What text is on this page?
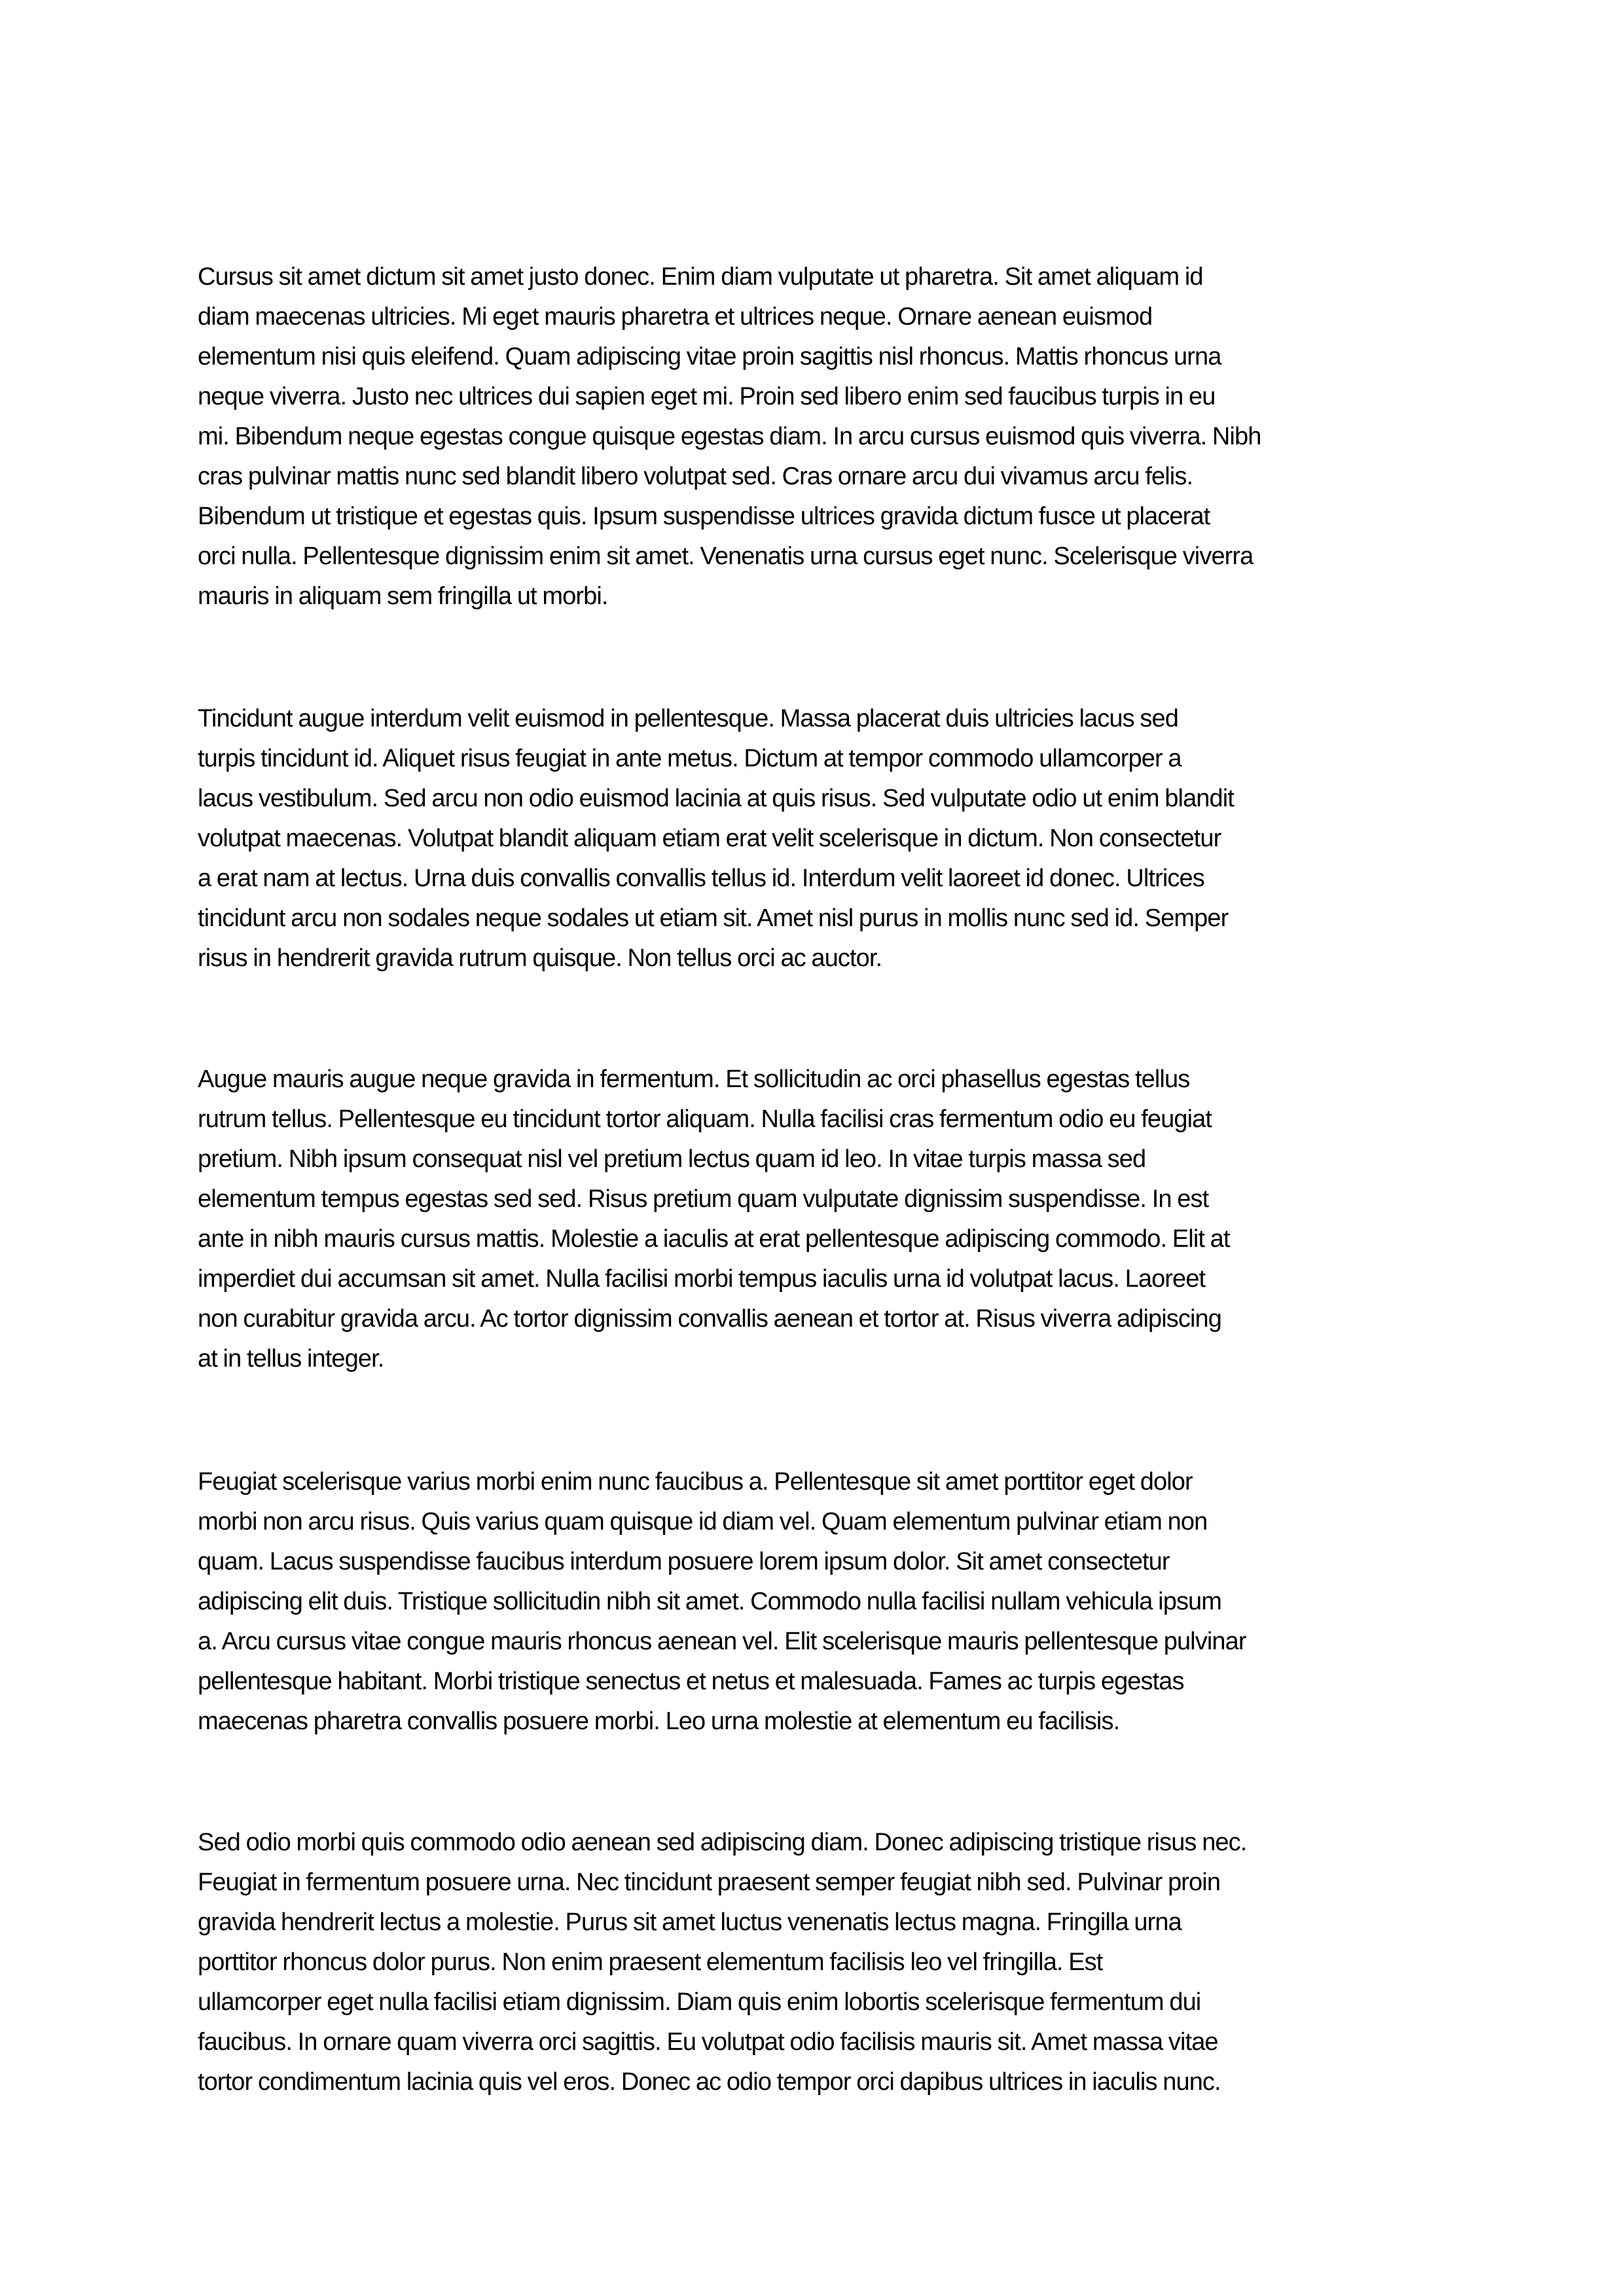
Cursus sit amet dictum sit amet justo donec. Enim diam vulputate ut pharetra. Sit amet aliquam id
diam maecenas ultricies. Mi eget mauris pharetra et ultrices neque. Ornare aenean euismod
elementum nisi quis eleifend. Quam adipiscing vitae proin sagittis nisl rhoncus. Mattis rhoncus urna
neque viverra. Justo nec ultrices dui sapien eget mi. Proin sed libero enim sed faucibus turpis in eu
mi. Bibendum neque egestas congue quisque egestas diam. In arcu cursus euismod quis viverra. Nibh
cras pulvinar mattis nunc sed blandit libero volutpat sed. Cras ornare arcu dui vivamus arcu felis.
Bibendum ut tristique et egestas quis. Ipsum suspendisse ultrices gravida dictum fusce ut placerat
orci nulla. Pellentesque dignissim enim sit amet. Venenatis urna cursus eget nunc. Scelerisque viverra
mauris in aliquam sem fringilla ut morbi.
Tincidunt augue interdum velit euismod in pellentesque. Massa placerat duis ultricies lacus sed
turpis tincidunt id. Aliquet risus feugiat in ante metus. Dictum at tempor commodo ullamcorper a
lacus vestibulum. Sed arcu non odio euismod lacinia at quis risus. Sed vulputate odio ut enim blandit
volutpat maecenas. Volutpat blandit aliquam etiam erat velit scelerisque in dictum. Non consectetur
a erat nam at lectus. Urna duis convallis convallis tellus id. Interdum velit laoreet id donec. Ultrices
tincidunt arcu non sodales neque sodales ut etiam sit. Amet nisl purus in mollis nunc sed id. Semper
risus in hendrerit gravida rutrum quisque. Non tellus orci ac auctor.
Augue mauris augue neque gravida in fermentum. Et sollicitudin ac orci phasellus egestas tellus
rutrum tellus. Pellentesque eu tincidunt tortor aliquam. Nulla facilisi cras fermentum odio eu feugiat
pretium. Nibh ipsum consequat nisl vel pretium lectus quam id leo. In vitae turpis massa sed
elementum tempus egestas sed sed. Risus pretium quam vulputate dignissim suspendisse. In est
ante in nibh mauris cursus mattis. Molestie a iaculis at erat pellentesque adipiscing commodo. Elit at
imperdiet dui accumsan sit amet. Nulla facilisi morbi tempus iaculis urna id volutpat lacus. Laoreet
non curabitur gravida arcu. Ac tortor dignissim convallis aenean et tortor at. Risus viverra adipiscing
at in tellus integer.
Feugiat scelerisque varius morbi enim nunc faucibus a. Pellentesque sit amet porttitor eget dolor
morbi non arcu risus. Quis varius quam quisque id diam vel. Quam elementum pulvinar etiam non
quam. Lacus suspendisse faucibus interdum posuere lorem ipsum dolor. Sit amet consectetur
adipiscing elit duis. Tristique sollicitudin nibh sit amet. Commodo nulla facilisi nullam vehicula ipsum
a. Arcu cursus vitae congue mauris rhoncus aenean vel. Elit scelerisque mauris pellentesque pulvinar
pellentesque habitant. Morbi tristique senectus et netus et malesuada. Fames ac turpis egestas
maecenas pharetra convallis posuere morbi. Leo urna molestie at elementum eu facilisis.
Sed odio morbi quis commodo odio aenean sed adipiscing diam. Donec adipiscing tristique risus nec.
Feugiat in fermentum posuere urna. Nec tincidunt praesent semper feugiat nibh sed. Pulvinar proin
gravida hendrerit lectus a molestie. Purus sit amet luctus venenatis lectus magna. Fringilla urna
porttitor rhoncus dolor purus. Non enim praesent elementum facilisis leo vel fringilla. Est
ullamcorper eget nulla facilisi etiam dignissim. Diam quis enim lobortis scelerisque fermentum dui
faucibus. In ornare quam viverra orci sagittis. Eu volutpat odio facilisis mauris sit. Amet massa vitae
tortor condimentum lacinia quis vel eros. Donec ac odio tempor orci dapibus ultrices in iaculis nunc.
